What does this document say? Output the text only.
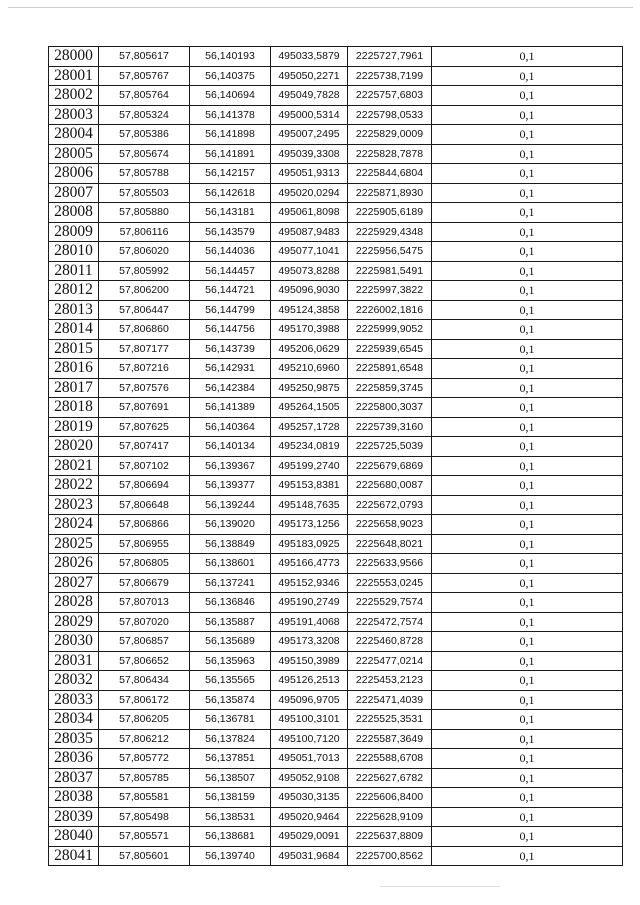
28000	57,805617	56,140193	495033,5879	2225727,7961	0,1
28001	57,805767	56,140375	495050,2271	2225738,7199	0,1
28002	57,805764	56,140694	495049,7828	2225757,6803	0,1
28003	57,805324	56,141378	495000,5314	2225798,0533	0,1
28004	57,805386	56,141898	495007,2495	2225829,0009	0,1
28005	57,805674	56,141891	495039,3308	2225828,7878	0,1
28006	57,805788	56,142157	495051,9313	2225844,6804	0,1
28007	57,805503	56,142618	495020,0294	2225871,8930	0,1
28008	57,805880	56,143181	495061,8098	2225905,6189	0,1
28009	57,806116	56,143579	495087,9483	2225929,4348	0,1
28010	57,806020	56,144036	495077,1041	2225956,5475	0,1
28011	57,805992	56,144457	495073,8288	2225981,5491	0,1
28012	57,806200	56,144721	495096,9030	2225997,3822	0,1
28013	57,806447	56,144799	495124,3858	2226002,1816	0,1
28014	57,806860	56,144756	495170,3988	2225999,9052	0,1
28015	57,807177	56,143739	495206,0629	2225939,6545	0,1
28016	57,807216	56,142931	495210,6960	2225891,6548	0,1
28017	57,807576	56,142384	495250,9875	2225859,3745	0,1
28018	57,807691	56,141389	495264,1505	2225800,3037	0,1
28019	57,807625	56,140364	495257,1728	2225739,3160	0,1
28020	57,807417	56,140134	495234,0819	2225725,5039	0,1
28021	57,807102	56,139367	495199,2740	2225679,6869	0,1
28022	57,806694	56,139377	495153,8381	2225680,0087	0,1
28023	57,806648	56,139244	495148,7635	2225672,0793	0,1
28024	57,806866	56,139020	495173,1256	2225658,9023	0,1
28025	57,806955	56,138849	495183,0925	2225648,8021	0,1
28026	57,806805	56,138601	495166,4773	2225633,9566	0,1
28027	57,806679	56,137241	495152,9346	2225553,0245	0,1
28028	57,807013	56,136846	495190,2749	2225529,7574	0,1
28029	57,807020	56,135887	495191,4068	2225472,7574	0,1
28030	57,806857	56,135689	495173,3208	2225460,8728	0,1
28031	57,806652	56,135963	495150,3989	2225477,0214	0,1
28032	57,806434	56,135565	495126,2513	2225453,2123	0,1
28033	57,806172	56,135874	495096,9705	2225471,4039	0,1
28034	57,806205	56,136781	495100,3101	2225525,3531	0,1
28035	57,806212	56,137824	495100,7120	2225587,3649	0,1
28036	57,805772	56,137851	495051,7013	2225588,6708	0,1
28037	57,805785	56,138507	495052,9108	2225627,6782	0,1
28038	57,805581	56,138159	495030,3135	2225606,8400	0,1
28039	57,805498	56,138531	495020,9464	2225628,9109	0,1
28040	57,805571	56,138681	495029,0091	2225637,8809	0,1
28041	57,805601	56,139740	495031,9684	2225700,8562	0,1
